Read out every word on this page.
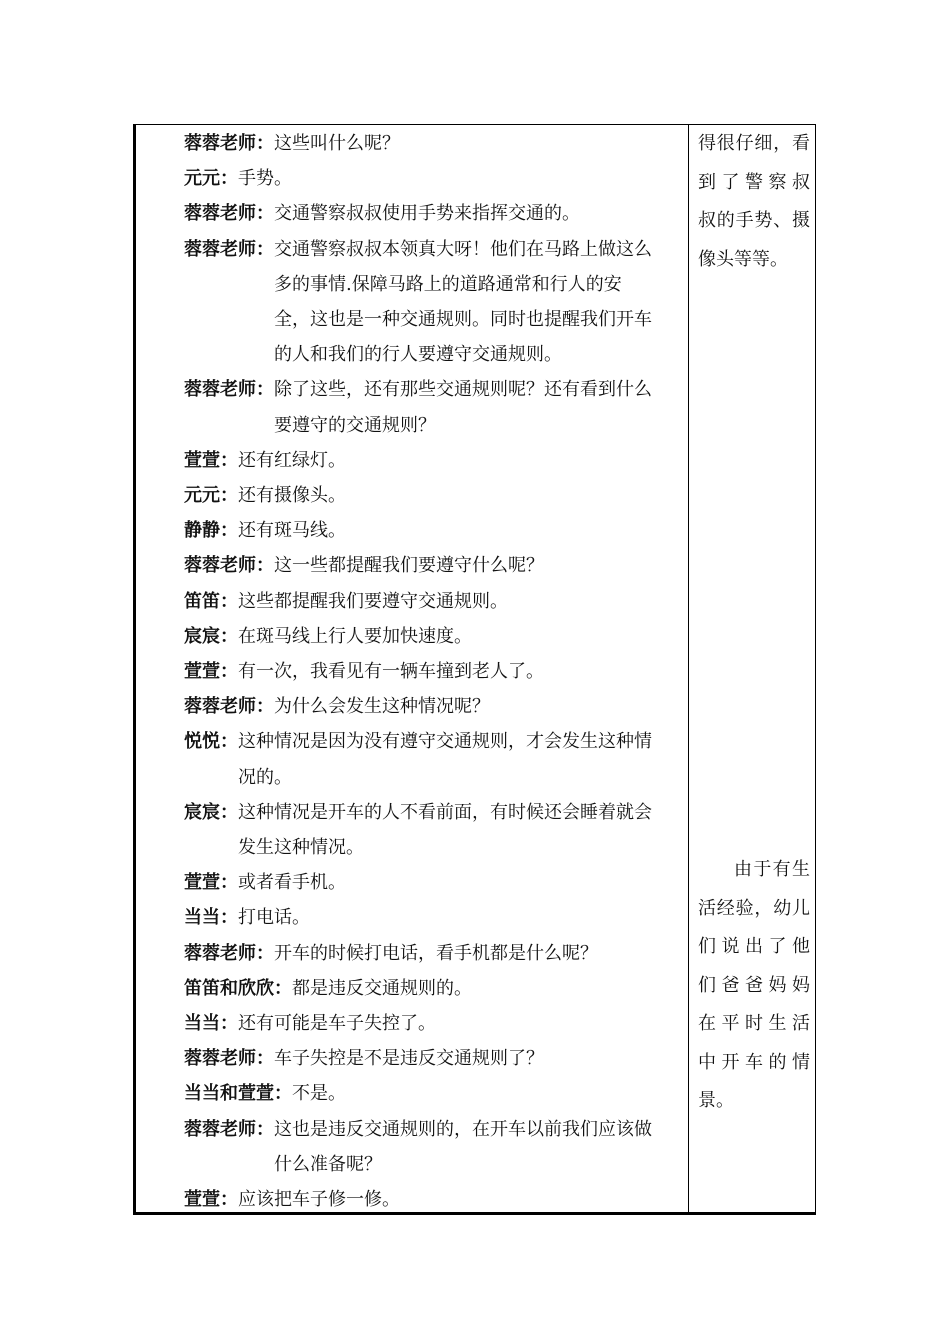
蓉蓉老师：这些叫什么呢？
元元：手势。
蓉蓉老师：交通警察叔叔使用手势来指挥交通的。
蓉蓉老师：交通警察叔叔本领真大呀！他们在马路上做这么
多的事情.保障马路上的道路通常和行人的安
全，这也是一种交通规则。同时也提醒我们开车
的人和我们的行人要遵守交通规则。
蓉蓉老师：除了这些，还有那些交通规则呢？还有看到什么
要遵守的交通规则？
萱萱：还有红绿灯。
元元：还有摄像头。
静静：还有斑马线。
蓉蓉老师：这一些都提醒我们要遵守什么呢？
笛笛：这些都提醒我们要遵守交通规则。
宸宸：在斑马线上行人要加快速度。
萱萱：有一次，我看见有一辆车撞到老人了。
蓉蓉老师：为什么会发生这种情况呢？
悦悦：这种情况是因为没有遵守交通规则，才会发生这种情
况的。
宸宸：这种情况是开车的人不看前面，有时候还会睡着就会
发生这种情况。
萱萱：或者看手机。
当当：打电话。
蓉蓉老师：开车的时候打电话，看手机都是什么呢？
笛笛和欣欣：都是违反交通规则的。
当当：还有可能是车子失控了。
蓉蓉老师：车子失控是不是违反交通规则了？
当当和萱萱：不是。
蓉蓉老师：这也是违反交通规则的，在开车以前我们应该做
什么准备呢？
萱萱：应该把车子修一修。
得很仔细，看
到了警察叔
叔的手势、摄
像头等等。
由于有生
活经验，幼儿
们说出了他
们爸爸妈妈
在平时生活
中开车的情
景。
